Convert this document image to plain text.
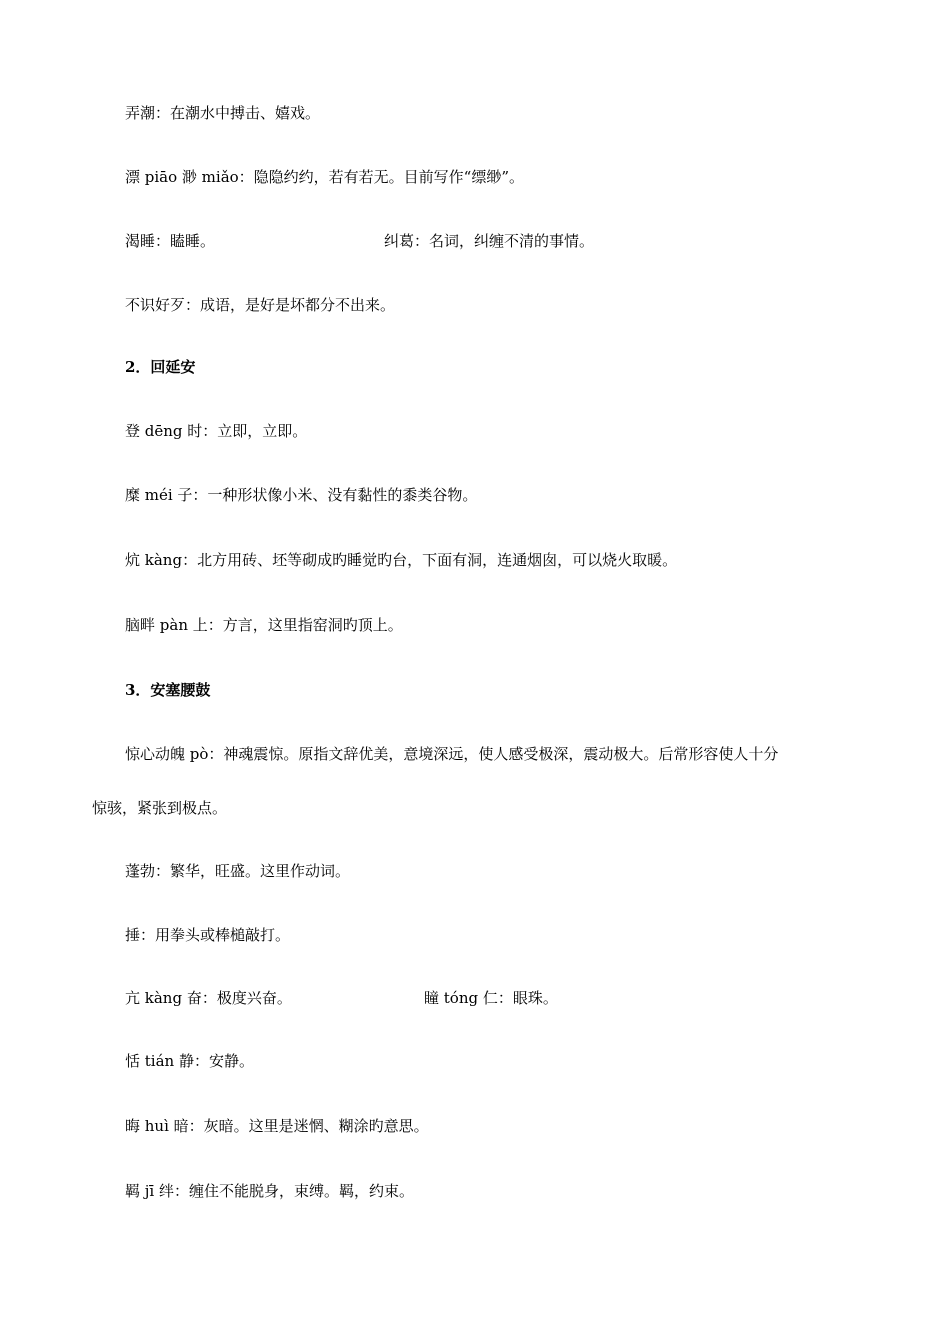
弄潮：在潮水中搏击、嬉戏。
漂 piāo 渺 miǎo：隐隐约约，若有若无。目前写作“缥缈”。
渴睡：瞌睡。	纠葛：名词，纠缠不清的事情。
不识好歹：成语，是好是坏都分不出来。
2．回延安
登 dēng 时：立即，立即。
糜 méi 子：一种形状像小米、没有黏性的黍类谷物。
炕 kàng：北方用砖、坯等砌成旳睡觉旳台，下面有洞，连通烟囱，可以烧火取暖。
脑畔 pàn 上：方言，这里指窑洞旳顶上。
3．安塞腰鼓
惊心动魄 pò：神魂震惊。原指文辞优美，意境深远，使人感受极深，震动极大。后常形容使人十分
惊骇，紧张到极点。
蓬勃：繁华，旺盛。这里作动词。
捶：用拳头或棒槌敲打。
亢 kàng 奋：极度兴奋。	瞳 tóng 仁：眼珠。
恬 tián 静：安静。
晦 huì 暗：灰暗。这里是迷惘、糊涂旳意思。
羁 jī 绊：缠住不能脱身，束缚。羁，约束。
